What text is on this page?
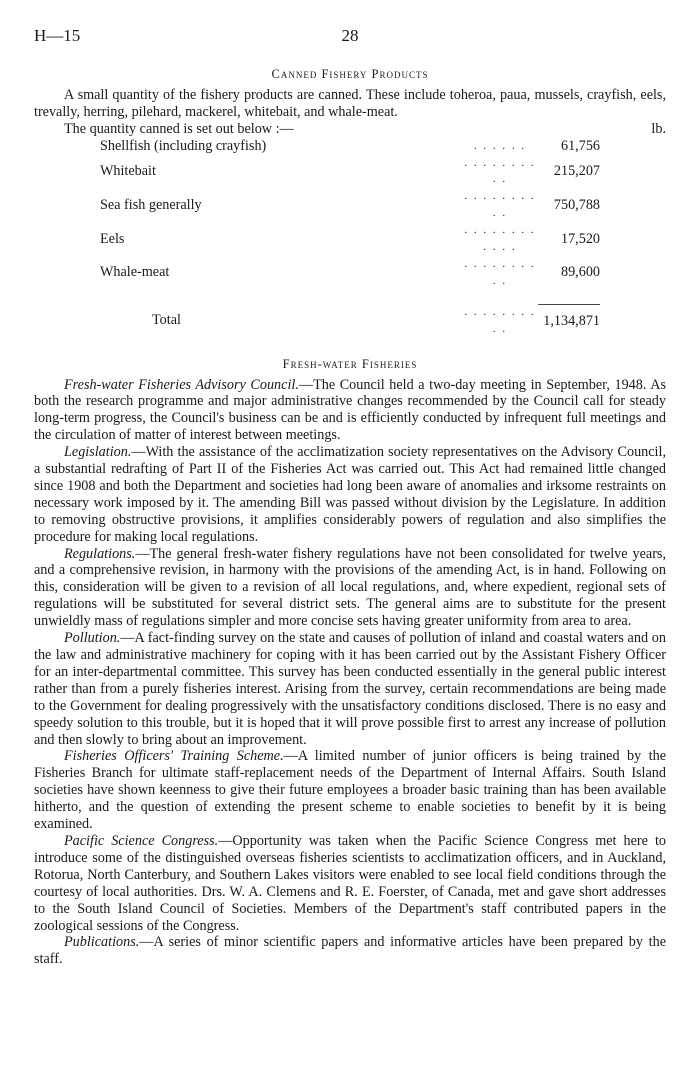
H—15	28
Canned Fishery Products

A small quantity of the fishery products are canned. These include toheroa, paua, mussels, crayfish, eels, trevally, herring, pilehard, mackerel, whitebait, and whale-meat.

The quantity canned is set out below :—	lb.
Shellfish (including crayfish)	. . . . . .	61,756
Whitebait	. . . . . . . . . .	215,207
Sea fish generally	. . . . . . . . . .	750,788
Eels	. . . . . . . . . . . .	17,520
Whale-meat	. . . . . . . . . .	89,600
Total	. . . . . . . . . .	1,134,871
Fresh-water Fisheries

Fresh-water Fisheries Advisory Council.—The Council held a two-day meeting in September, 1948. As both the research programme and major administrative changes recommended by the Council call for steady long-term progress, the Council's business can be and is efficiently conducted by infrequent full meetings and the circulation of matter of interest between meetings.

Legislation.—With the assistance of the acclimatization society representatives on the Advisory Council, a substantial redrafting of Part II of the Fisheries Act was carried out. This Act had remained little changed since 1908 and both the Department and societies had long been aware of anomalies and irksome restraints on necessary work imposed by it. The amending Bill was passed without division by the Legislature. In addition to removing obstructive provisions, it amplifies considerably powers of regulation and also simplifies the procedure for making local regulations.

Regulations.—The general fresh-water fishery regulations have not been consolidated for twelve years, and a comprehensive revision, in harmony with the provisions of the amending Act, is in hand. Following on this, consideration will be given to a revision of all local regulations, and, where expedient, regional sets of regulations will be substituted for several district sets. The general aims are to substitute for the present unwieldly mass of regulations simpler and more concise sets having greater uniformity from area to area.

Pollution.—A fact-finding survey on the state and causes of pollution of inland and coastal waters and on the law and administrative machinery for coping with it has been carried out by the Assistant Fishery Officer for an inter-departmental committee. This survey has been conducted essentially in the general public interest rather than from a purely fisheries interest. Arising from the survey, certain recommendations are being made to the Government for dealing progressively with the unsatisfactory conditions disclosed. There is no easy and speedy solution to this trouble, but it is hoped that it will prove possible first to arrest any increase of pollution and then slowly to bring about an improvement.

Fisheries Officers' Training Scheme.—A limited number of junior officers is being trained by the Fisheries Branch for ultimate staff-replacement needs of the Department of Internal Affairs. South Island societies have shown keenness to give their future employees a broader basic training than has been available hitherto, and the question of extending the present scheme to enable societies to benefit by it is being examined.

Pacific Science Congress.—Opportunity was taken when the Pacific Science Congress met here to introduce some of the distinguished overseas fisheries scientists to acclimatization officers, and in Auckland, Rotorua, North Canterbury, and Southern Lakes visitors were enabled to see local field conditions through the courtesy of local authorities. Drs. W. A. Clemens and R. E. Foerster, of Canada, met and gave short addresses to the South Island Council of Societies. Members of the Department's staff contributed papers in the zoological sessions of the Congress.

Publications.—A series of minor scientific papers and informative articles have been prepared by the staff.
